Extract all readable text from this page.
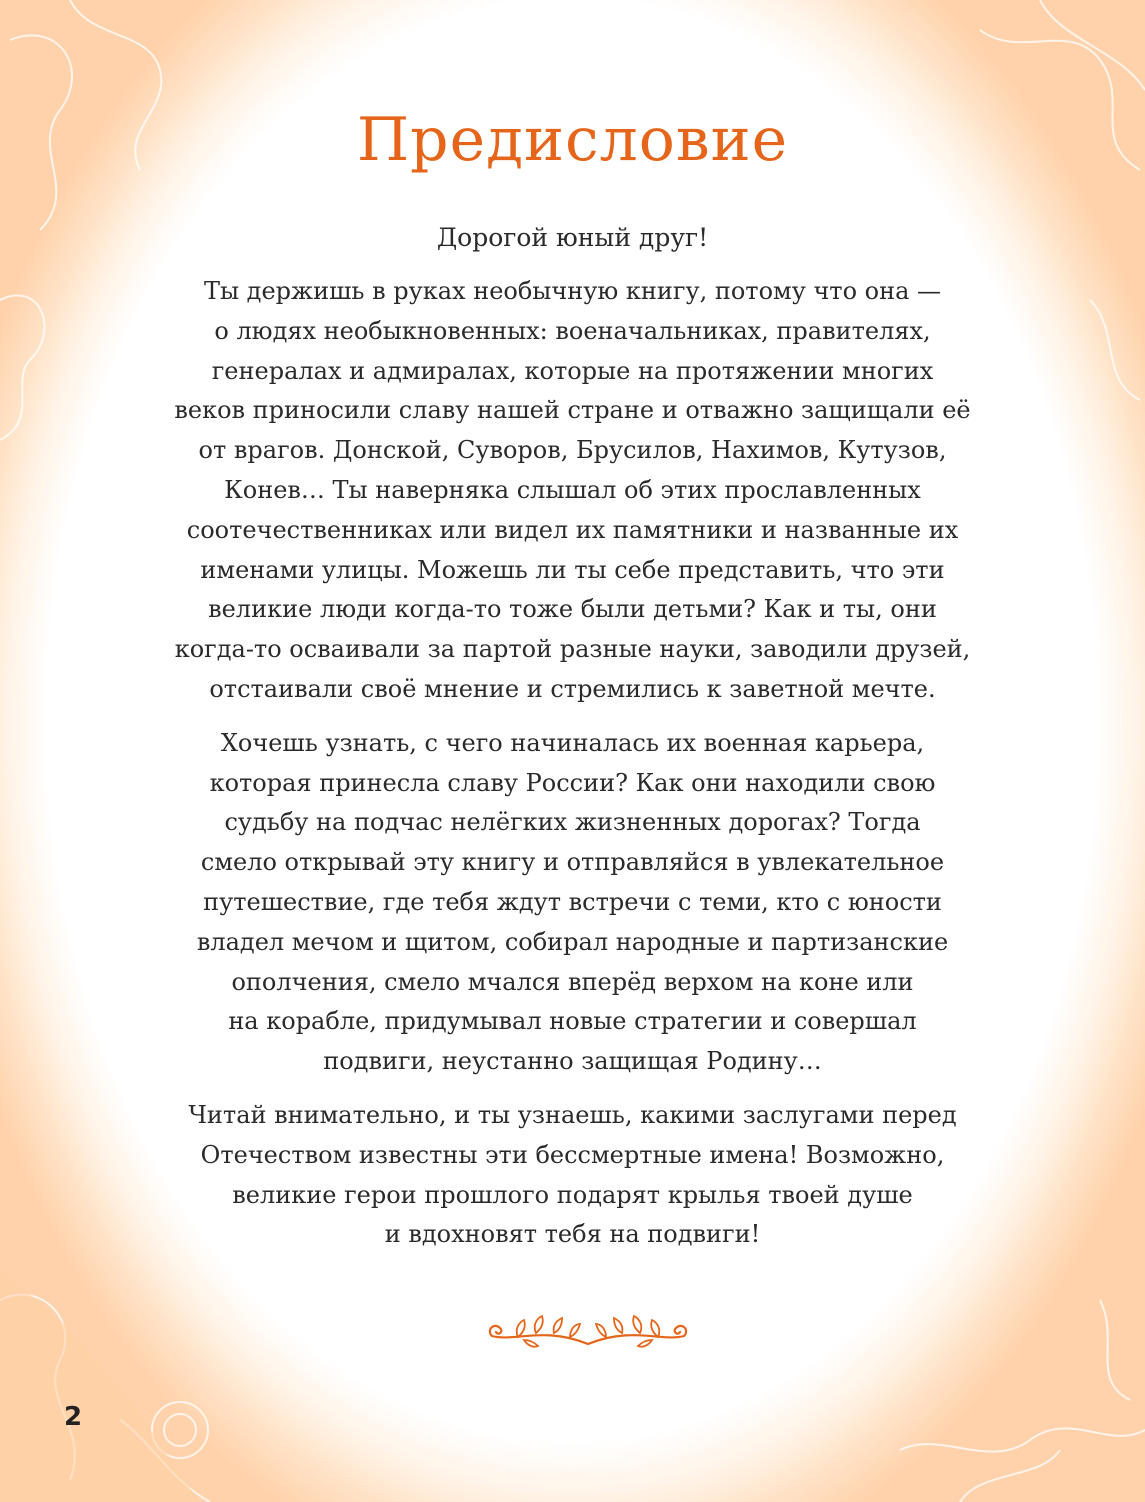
Предисловие

Дорогой юный друг!

Ты держишь в руках необычную книгу, потому что она —
о людях необыкновенных: военачальниках, правителях,
генералах и адмиралах, которые на протяжении многих
веков приносили славу нашей стране и отважно защищали её
от врагов. Донской, Суворов, Брусилов, Нахимов, Кутузов,
Конев… Ты наверняка слышал об этих прославленных
соотечественниках или видел их памятники и названные их
именами улицы. Можешь ли ты себе представить, что эти
великие люди когда-то тоже были детьми? Как и ты, они
когда-то осваивали за партой разные науки, заводили друзей,
отстаивали своё мнение и стремились к заветной мечте.

Хочешь узнать, с чего начиналась их военная карьера,
которая принесла славу России? Как они находили свою
судьбу на подчас нелёгких жизненных дорогах? Тогда
смело открывай эту книгу и отправляйся в увлекательное
путешествие, где тебя ждут встречи с теми, кто с юности
владел мечом и щитом, собирал народные и партизанские
ополчения, смело мчался вперёд верхом на коне или
на корабле, придумывал новые стратегии и совершал
подвиги, неустанно защищая Родину…

Читай внимательно, и ты узнаешь, какими заслугами перед
Отечеством известны эти бессмертные имена! Возможно,
великие герои прошлого подарят крылья твоей душе
и вдохновят тебя на подвиги!

2
